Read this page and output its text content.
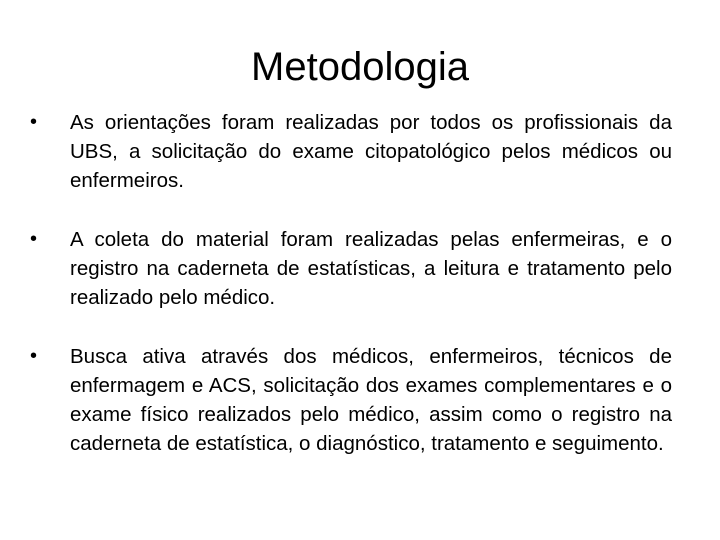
Metodologia
•	As orientações foram realizadas por todos os profissionais da UBS, a solicitação do exame citopatológico pelos médicos ou enfermeiros.
•	A coleta do material foram realizadas pelas enfermeiras, e o registro na caderneta de estatísticas, a leitura e tratamento pelo realizado pelo médico.
•	Busca ativa através dos médicos, enfermeiros, técnicos de enfermagem e ACS, solicitação dos exames complementares e o exame físico realizados pelo médico, assim como o registro na caderneta de estatística, o diagnóstico, tratamento e seguimento.
